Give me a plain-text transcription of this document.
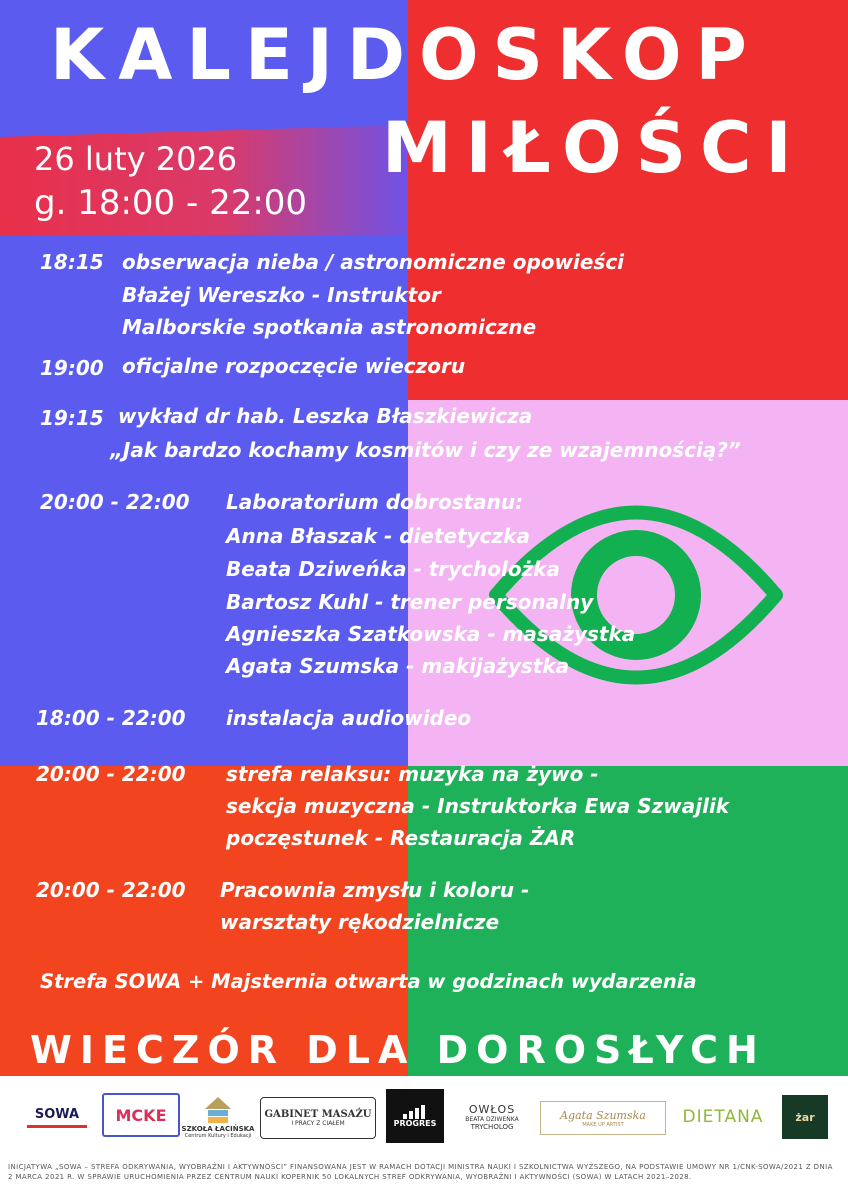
KALEJDOSKOP
MIŁOŚCI
26 luty 2026
g. 18:00 - 22:00
18:15 obserwacja nieba / astronomiczne opowieści
Błażej Wereszko - Instruktor
Malborskie spotkania astronomiczne
19:00 oficjalne rozpoczęcie wieczoru
19:15 wykład dr hab. Leszka Błaszkiewicza
„Jak bardzo kochamy kosmitów i czy ze wzajemnością?”
20:00 - 22:00 Laboratorium dobrostanu:
Anna Błaszak - dietetyczka
Beata Dziweńka - trycholożka
Bartosz Kuhl - trener personalny
Agnieszka Szatkowska - masażystka
Agata Szumska - makijażystka
18:00 - 22:00 instalacja audiowideo
20:00 - 22:00 strefa relaksu: muzyka na żywo -
sekcja muzyczna - Instruktorka Ewa Szwajlik
poczęstunek - Restauracja ŻAR
20:00 - 22:00 Pracownia zmysłu i koloru -
warsztaty rękodzielnicze
Strefa SOWA + Majsternia otwarta w godzinach wydarzenia
WIECZÓR DLA DOROSŁYCH
SOWA MCKE
SZKOŁA ŁACIŃSKA
Centrum Kultury i Edukacji
GABINET MASAŻU
I PRACY Z CIAŁEM	PROGRES
OWŁOS
BEATA DZIWEŃKA
TRYCHOLOG
Agata Szumska
MAKE UP ARTIST	DIETANA	żar
INICJATYWA „SOWA – STREFA ODKRYWANIA, WYOBRAŹNI I AKTYWNOŚCI” FINANSOWANA JEST W RAMACH DOTACJI MINISTRA NAUKI I SZKOLNICTWA WYŻSZEGO, NA PODSTAWIE UMOWY NR 1/CNK-SOWA/2021 Z DNIA 2 MARCA 2021 R. W SPRAWIE URUCHOMIENIA PRZEZ CENTRUM NAUKI KOPERNIK 50 LOKALNYCH STREF ODKRYWANIA, WYOBRAŹNI I AKTYWNOŚCI (SOWA) W LATACH 2021–2028.
